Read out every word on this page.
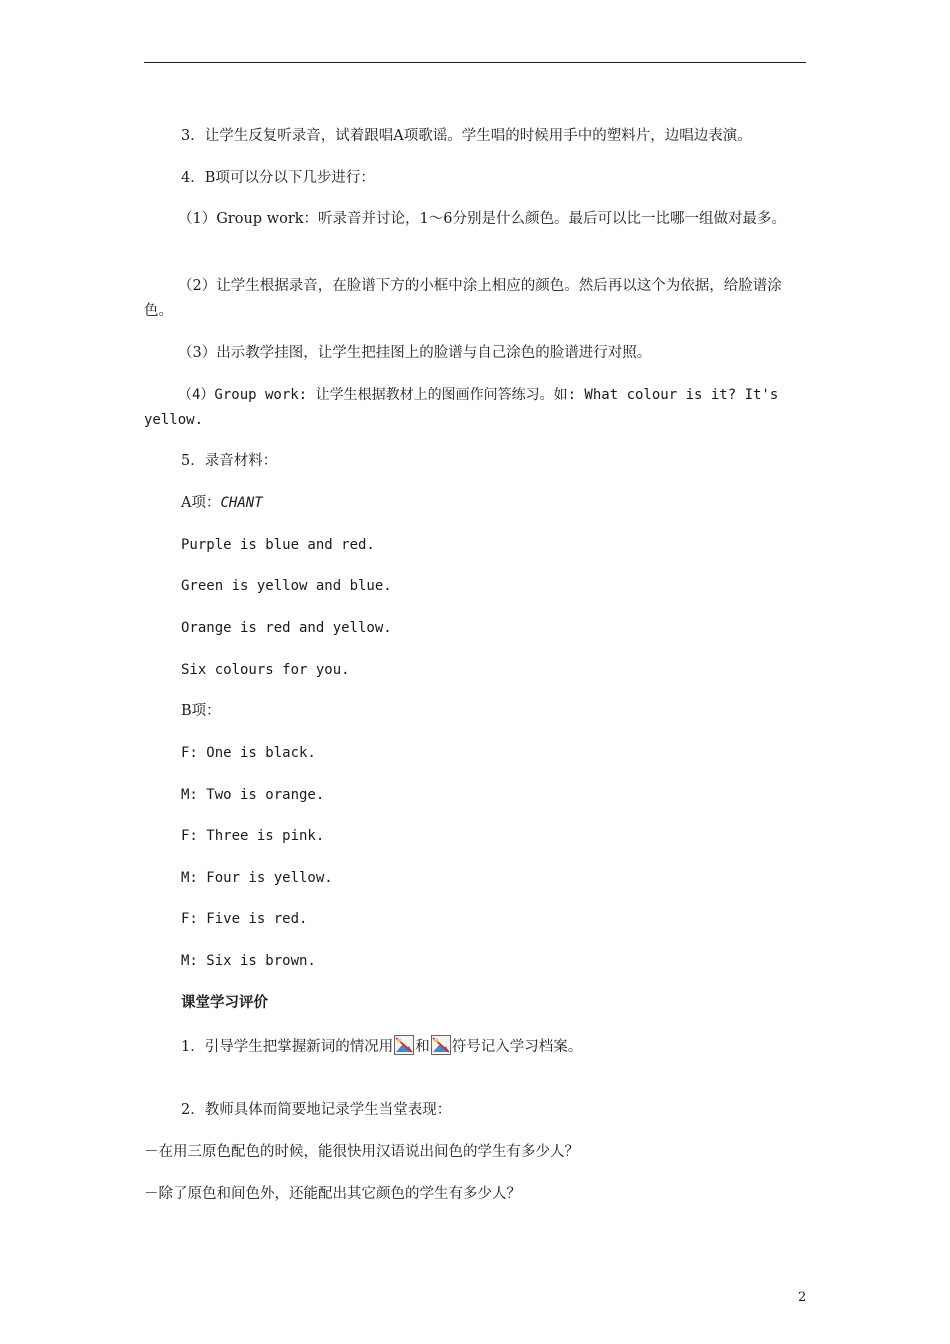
3．让学生反复听录音，试着跟唱A项歌谣。学生唱的时候用手中的塑料片，边唱边表演。
4．B项可以分以下几步进行：
（1）Group work：听录音并讨论，1～6分别是什么颜色。最后可以比一比哪一组做对最多。
（2）让学生根据录音，在脸谱下方的小框中涂上相应的颜色。然后再以这个为依据，给脸谱涂色。
（3）出示教学挂图，让学生把挂图上的脸谱与自己涂色的脸谱进行对照。
（4）Group work: 让学生根据教材上的图画作问答练习。如: What colour is it? It's yellow.
5．录音材料：
A项：CHANT
Purple is blue and red.
Green is yellow and blue.
Orange is red and yellow.
Six colours for you.
B项：
F: One is black.
M: Two is orange.
F: Three is pink.
M: Four is yellow.
F: Five is red.
M: Six is brown.
课堂学习评价
1．引导学生把掌握新词的情况用 和 符号记入学习档案。
2．教师具体而简要地记录学生当堂表现：
－在用三原色配色的时候，能很快用汉语说出间色的学生有多少人？
－除了原色和间色外，还能配出其它颜色的学生有多少人？
2
